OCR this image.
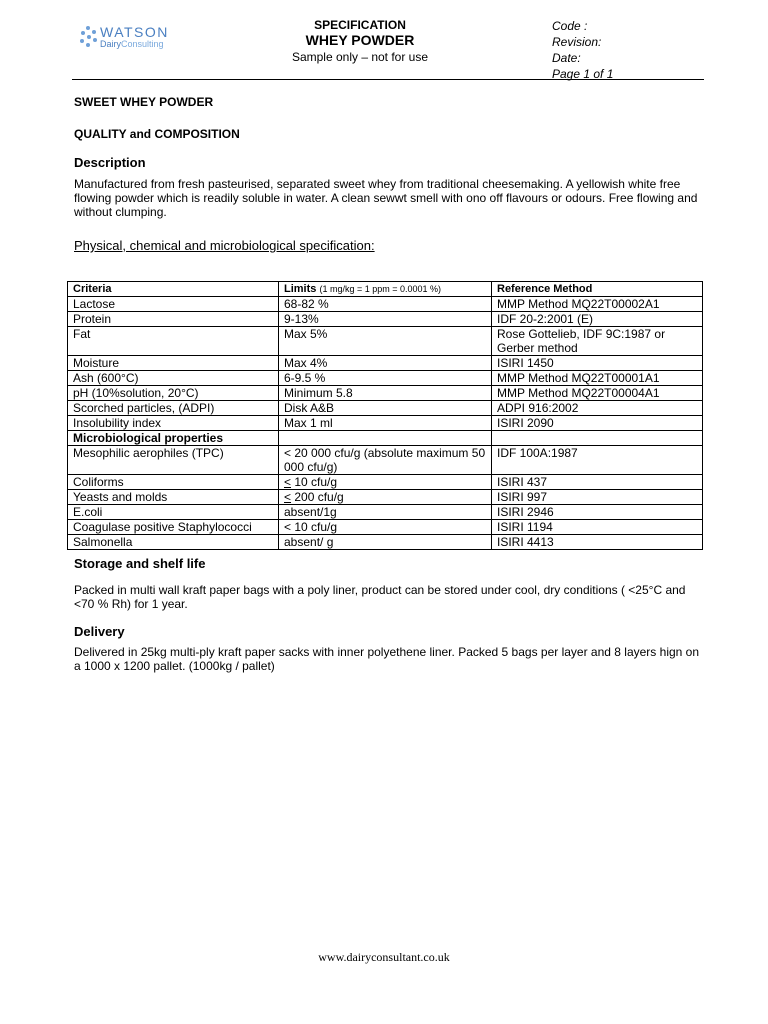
WATSON
DairyConsulting
SPECIFICATION
WHEY POWDER
Sample only – not for use
Code :
Revision:
Date:
Page 1 of 1
SWEET WHEY POWDER
QUALITY and COMPOSITION
Description
Manufactured from fresh pasteurised, separated sweet whey from traditional cheesemaking. A yellowish white free flowing powder which is readily soluble in water. A clean sewwt smell with ono off flavours or odours. Free flowing and without clumping.
Physical, chemical and microbiological specification:
Criteria	Limits (1 mg/kg = 1 ppm = 0.0001 %)	Reference Method
Lactose	68-82 %	MMP Method MQ22T00002A1
Protein	9-13%	IDF 20-2:2001 (E)
Fat	Max 5%	Rose Gottelieb, IDF 9C:1987 or Gerber method
Moisture	Max 4%	ISIRI 1450
Ash (600°C)	6-9.5 %	MMP Method MQ22T00001A1
pH (10%solution, 20°C)	Minimum 5.8	MMP Method MQ22T00004A1
Scorched particles, (ADPI)	Disk A&B	ADPI 916:2002
Insolubility index	Max 1 ml	ISIRI 2090
Microbiological properties		
Mesophilic aerophiles (TPC)	< 20 000 cfu/g (absolute maximum 50 000 cfu/g)	IDF 100A:1987
Coliforms	< 10 cfu/g	ISIRI 437
Yeasts and molds	< 200 cfu/g	ISIRI 997
E.coli	absent/1g	ISIRI 2946
Coagulase positive Staphylococci	< 10 cfu/g	ISIRI 1194
Salmonella	absent/ g	ISIRI 4413
Storage and shelf life
Packed in multi wall kraft paper bags with a poly liner, product can be stored under cool, dry conditions ( <25°C and <70 % Rh) for 1 year.
Delivery
Delivered in 25kg multi-ply kraft paper sacks with inner polyethene liner. Packed 5 bags per layer and 8 layers hign on a 1000 x 1200 pallet. (1000kg / pallet)
www.dairyconsultant.co.uk
